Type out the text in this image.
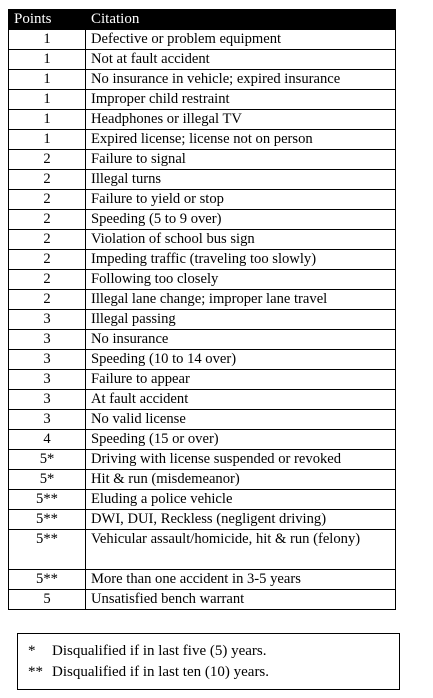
Points	Citation
1	Defective or problem equipment
1	Not at fault accident
1	No insurance in vehicle; expired insurance
1	Improper child restraint
1	Headphones or illegal TV
1	Expired license; license not on person
2	Failure to signal
2	Illegal turns
2	Failure to yield or stop
2	Speeding (5 to 9 over)
2	Violation of school bus sign
2	Impeding traffic (traveling too slowly)
2	Following too closely
2	Illegal lane change; improper lane travel
3	Illegal passing
3	No insurance
3	Speeding (10 to 14 over)
3	Failure to appear
3	At fault accident
3	No valid license
4	Speeding (15 or over)
5*	Driving with license suspended or revoked
5*	Hit & run (misdemeanor)
5**	Eluding a police vehicle
5**	DWI, DUI, Reckless (negligent driving)
5**	Vehicular assault/homicide, hit & run (felony)
5**	More than one accident in 3-5 years
5	Unsatisfied bench warrant
* Disqualified if in last five (5) years.
** Disqualified if in last ten (10) years.
